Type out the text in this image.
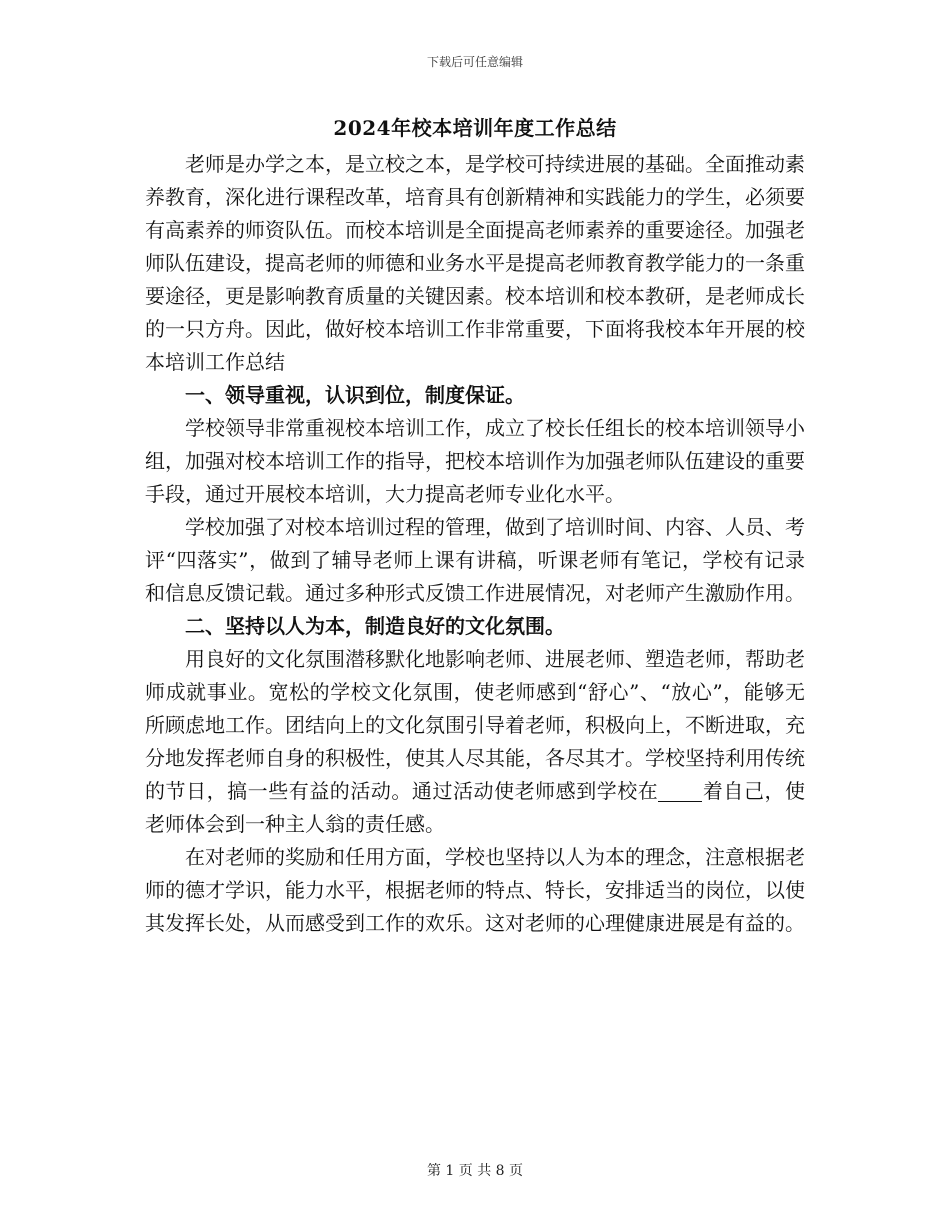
下载后可任意编辑
2024年校本培训年度工作总结

老师是办学之本，是立校之本，是学校可持续进展的基础。全面推动素养教育，深化进行课程改革，培育具有创新精神和实践能力的学生，必须要有高素养的师资队伍。而校本培训是全面提高老师素养的重要途径。加强老师队伍建设，提高老师的师德和业务水平是提高老师教育教学能力的一条重要途径，更是影响教育质量的关键因素。校本培训和校本教研，是老师成长的一只方舟。因此，做好校本培训工作非常重要，下面将我校本年开展的校本培训工作总结

一、领导重视，认识到位，制度保证。

学校领导非常重视校本培训工作，成立了校长任组长的校本培训领导小组，加强对校本培训工作的指导，把校本培训作为加强老师队伍建设的重要手段，通过开展校本培训，大力提高老师专业化水平。

学校加强了对校本培训过程的管理，做到了培训时间、内容、人员、考评“四落实”，做到了辅导老师上课有讲稿，听课老师有笔记，学校有记录和信息反馈记载。通过多种形式反馈工作进展情况，对老师产生激励作用。

二、坚持以人为本，制造良好的文化氛围。

用良好的文化氛围潜移默化地影响老师、进展老师、塑造老师，帮助老师成就事业。宽松的学校文化氛围，使老师感到“舒心”、“放心”，能够无所顾虑地工作。团结向上的文化氛围引导着老师，积极向上，不断进取，充分地发挥老师自身的积极性，使其人尽其能，各尽其才。学校坚持利用传统的节日，搞一些有益的活动。通过活动使老师感到学校在 着自己，使老师体会到一种主人翁的责任感。

在对老师的奖励和任用方面，学校也坚持以人为本的理念，注意根据老师的德才学识，能力水平，根据老师的特点、特长，安排适当的岗位，以使其发挥长处，从而感受到工作的欢乐。这对老师的心理健康进展是有益的。

第 1 页 共 8 页
